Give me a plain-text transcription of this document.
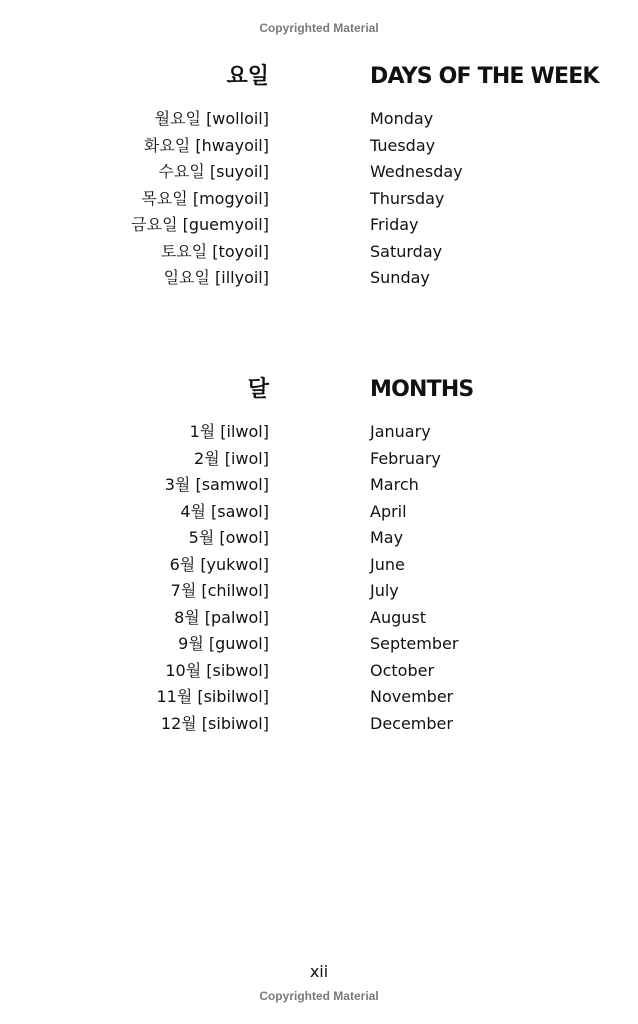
Copyrighted Material
요일	DAYS OF THE WEEK
월요일 [wolloil]	Monday
화요일 [hwayoil]	Tuesday
수요일 [suyoil]	Wednesday
목요일 [mogyoil]	Thursday
금요일 [guemyoil]	Friday
토요일 [toyoil]	Saturday
일요일 [illyoil]	Sunday
달	MONTHS
1월 [ilwol]	January
2월 [iwol]	February
3월 [samwol]	March
4월 [sawol]	April
5월 [owol]	May
6월 [yukwol]	June
7월 [chilwol]	July
8월 [palwol]	August
9월 [guwol]	September
10월 [sibwol]	October
11월 [sibilwol]	November
12월 [sibiwol]	December
xii
Copyrighted Material
